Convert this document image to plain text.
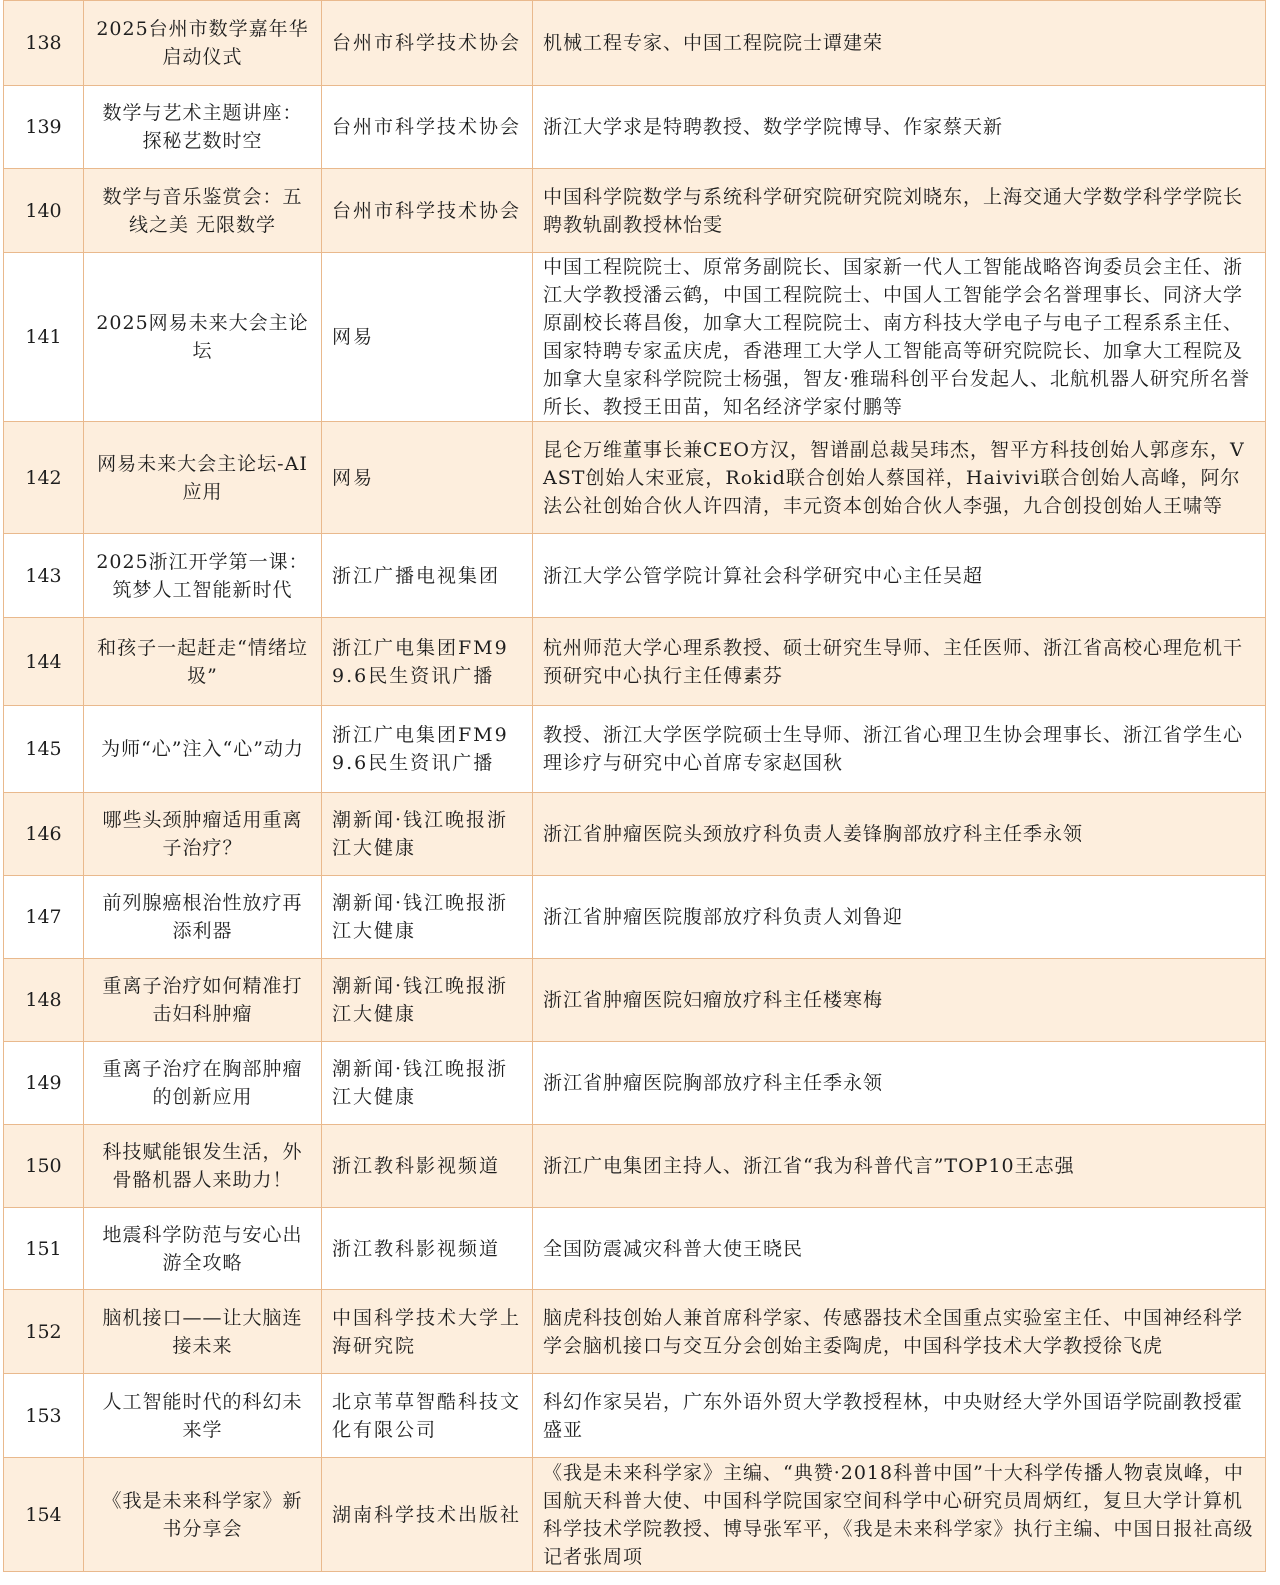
138	2025台州市数学嘉年华启动仪式	台州市科学技术协会	机械工程专家、中国工程院院士谭建荣
139	数学与艺术主题讲座：探秘艺数时空	台州市科学技术协会	浙江大学求是特聘教授、数学学院博导、作家蔡天新
140	数学与音乐鉴赏会：五线之美 无限数学	台州市科学技术协会	中国科学院数学与系统科学研究院研究院刘晓东，上海交通大学数学科学学院长聘教轨副教授林怡雯
141	2025网易未来大会主论坛	网易	中国工程院院士、原常务副院长、国家新一代人工智能战略咨询委员会主任、浙江大学教授潘云鹤，中国工程院院士、中国人工智能学会名誉理事长、同济大学原副校长蒋昌俊，加拿大工程院院士、南方科技大学电子与电子工程系系主任、国家特聘专家孟庆虎，香港理工大学人工智能高等研究院院长、加拿大工程院及加拿大皇家科学院院士杨强，智友·雅瑞科创平台发起人、北航机器人研究所名誉所长、教授王田苗，知名经济学家付鹏等
142	网易未来大会主论坛-AI应用	网易	昆仑万维董事长兼CEO方汉，智谱副总裁吴玮杰，智平方科技创始人郭彦东，VAST创始人宋亚宸，Rokid联合创始人蔡国祥，Haivivi联合创始人高峰，阿尔法公社创始合伙人许四清，丰元资本创始合伙人李强，九合创投创始人王啸等
143	2025浙江开学第一课：筑梦人工智能新时代	浙江广播电视集团	浙江大学公管学院计算社会科学研究中心主任吴超
144	和孩子一起赶走“情绪垃圾”	浙江广电集团FM99.6民生资讯广播	杭州师范大学心理系教授、硕士研究生导师、主任医师、浙江省高校心理危机干预研究中心执行主任傅素芬
145	为师“心”注入“心”动力	浙江广电集团FM99.6民生资讯广播	教授、浙江大学医学院硕士生导师、浙江省心理卫生协会理事长、浙江省学生心理诊疗与研究中心首席专家赵国秋
146	哪些头颈肿瘤适用重离子治疗？	潮新闻·钱江晚报浙江大健康	浙江省肿瘤医院头颈放疗科负责人姜锋胸部放疗科主任季永领
147	前列腺癌根治性放疗再添利器	潮新闻·钱江晚报浙江大健康	浙江省肿瘤医院腹部放疗科负责人刘鲁迎
148	重离子治疗如何精准打击妇科肿瘤	潮新闻·钱江晚报浙江大健康	浙江省肿瘤医院妇瘤放疗科主任楼寒梅
149	重离子治疗在胸部肿瘤的创新应用	潮新闻·钱江晚报浙江大健康	浙江省肿瘤医院胸部放疗科主任季永领
150	科技赋能银发生活，外骨骼机器人来助力！	浙江教科影视频道	浙江广电集团主持人、浙江省“我为科普代言”TOP10王志强
151	地震科学防范与安心出游全攻略	浙江教科影视频道	全国防震减灾科普大使王晓民
152	脑机接口——让大脑连接未来	中国科学技术大学上海研究院	脑虎科技创始人兼首席科学家、传感器技术全国重点实验室主任、中国神经科学学会脑机接口与交互分会创始主委陶虎，中国科学技术大学教授徐飞虎
153	人工智能时代的科幻未来学	北京苇草智酷科技文化有限公司	科幻作家吴岩，广东外语外贸大学教授程林，中央财经大学外国语学院副教授霍盛亚
154	《我是未来科学家》新书分享会	湖南科学技术出版社	《我是未来科学家》主编、“典赞·2018科普中国”十大科学传播人物袁岚峰，中国航天科普大使、中国科学院国家空间科学中心研究员周炳红，复旦大学计算机科学技术学院教授、博导张军平，《我是未来科学家》执行主编、中国日报社高级记者张周项
